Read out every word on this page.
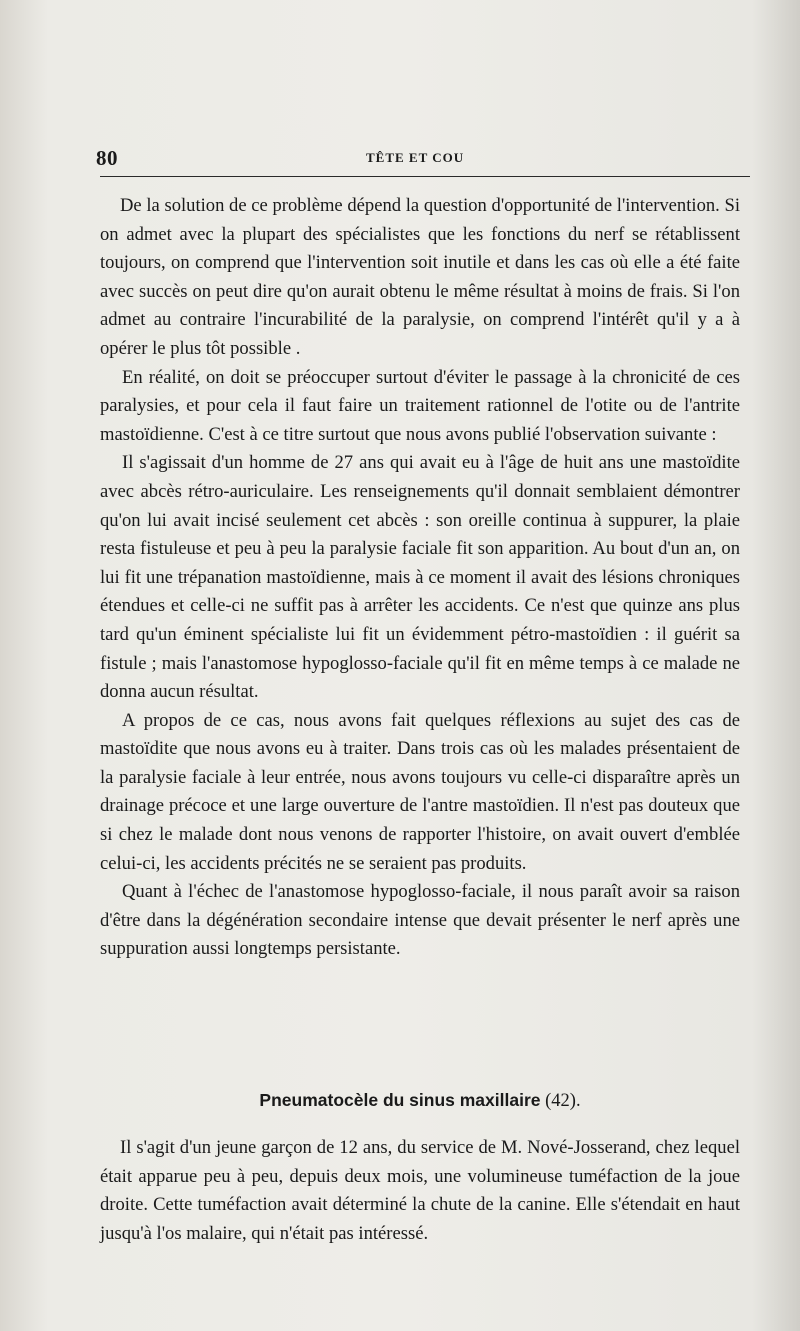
80	TÊTE ET COU

De la solution de ce problème dépend la question d'opportunité de l'intervention. Si on admet avec la plupart des spécialistes que les fonctions du nerf se rétablissent toujours, on comprend que l'intervention soit inutile et dans les cas où elle a été faite avec succès on peut dire qu'on aurait obtenu le même résultat à moins de frais. Si l'on admet au contraire l'incurabilité de la paralysie, on comprend l'intérêt qu'il y a à opérer le plus tôt possible .

En réalité, on doit se préoccuper surtout d'éviter le passage à la chronicité de ces paralysies, et pour cela il faut faire un traitement rationnel de l'otite ou de l'antrite mastoïdienne. C'est à ce titre surtout que nous avons publié l'observation suivante :

Il s'agissait d'un homme de 27 ans qui avait eu à l'âge de huit ans une mastoïdite avec abcès rétro-auriculaire. Les renseignements qu'il donnait semblaient démontrer qu'on lui avait incisé seulement cet abcès : son oreille continua à suppurer, la plaie resta fistuleuse et peu à peu la paralysie faciale fit son apparition. Au bout d'un an, on lui fit une trépanation mastoïdienne, mais à ce moment il avait des lésions chroniques étendues et celle-ci ne suffit pas à arrêter les accidents. Ce n'est que quinze ans plus tard qu'un éminent spécialiste lui fit un évidemment pétro-mastoïdien : il guérit sa fistule ; mais l'anastomose hypoglosso-faciale qu'il fit en même temps à ce malade ne donna aucun résultat.

A propos de ce cas, nous avons fait quelques réflexions au sujet des cas de mastoïdite que nous avons eu à traiter. Dans trois cas où les malades présentaient de la paralysie faciale à leur entrée, nous avons toujours vu celle-ci disparaître après un drainage précoce et une large ouverture de l'antre mastoïdien. Il n'est pas douteux que si chez le malade dont nous venons de rapporter l'histoire, on avait ouvert d'emblée celui-ci, les accidents précités ne se seraient pas produits.

Quant à l'échec de l'anastomose hypoglosso-faciale, il nous paraît avoir sa raison d'être dans la dégénération secondaire intense que devait présenter le nerf après une suppuration aussi longtemps persistante.

Pneumatocèle du sinus maxillaire (42).

Il s'agit d'un jeune garçon de 12 ans, du service de M. Nové-Josserand, chez lequel était apparue peu à peu, depuis deux mois, une volumineuse tuméfaction de la joue droite. Cette tuméfaction avait déterminé la chute de la canine. Elle s'étendait en haut jusqu'à l'os malaire, qui n'était pas intéressé.
